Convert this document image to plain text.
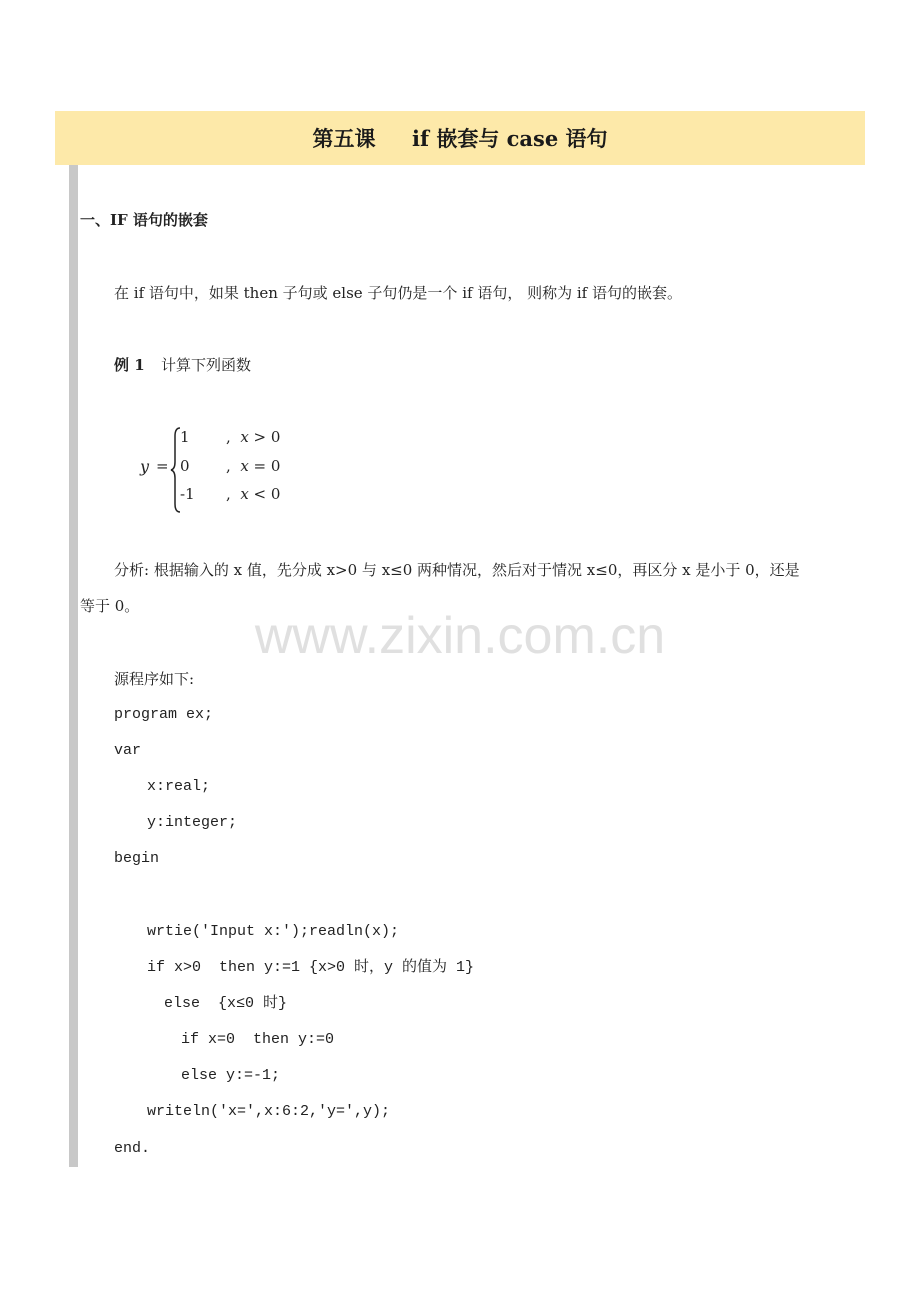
第五课     if 嵌套与 case 语句
一、IF 语句的嵌套
在 if 语句中，如果 then 子句或 else 子句仍是一个 if 语句， 则称为 if 语句的嵌套。
例 1 计算下列函数
y =
1 ,  x > 0
0 ,  x = 0
-1 ,  x < 0
分析: 根据输入的 x 值，先分成 x>0 与 x≤0 两种情况，然后对于情况 x≤0，再区分 x 是小于 0，还是
等于 0。
www.zixin.com.cn
源程序如下:
program ex;
var
x:real;
y:integer;
begin
wrtie('Input x:');readln(x);
if x>0  then y:=1 {x>0 时，y 的值为 1}
else  {x≤0 时}
if x=0  then y:=0
else y:=-1;
writeln('x=',x:6:2,'y=',y);
end.
